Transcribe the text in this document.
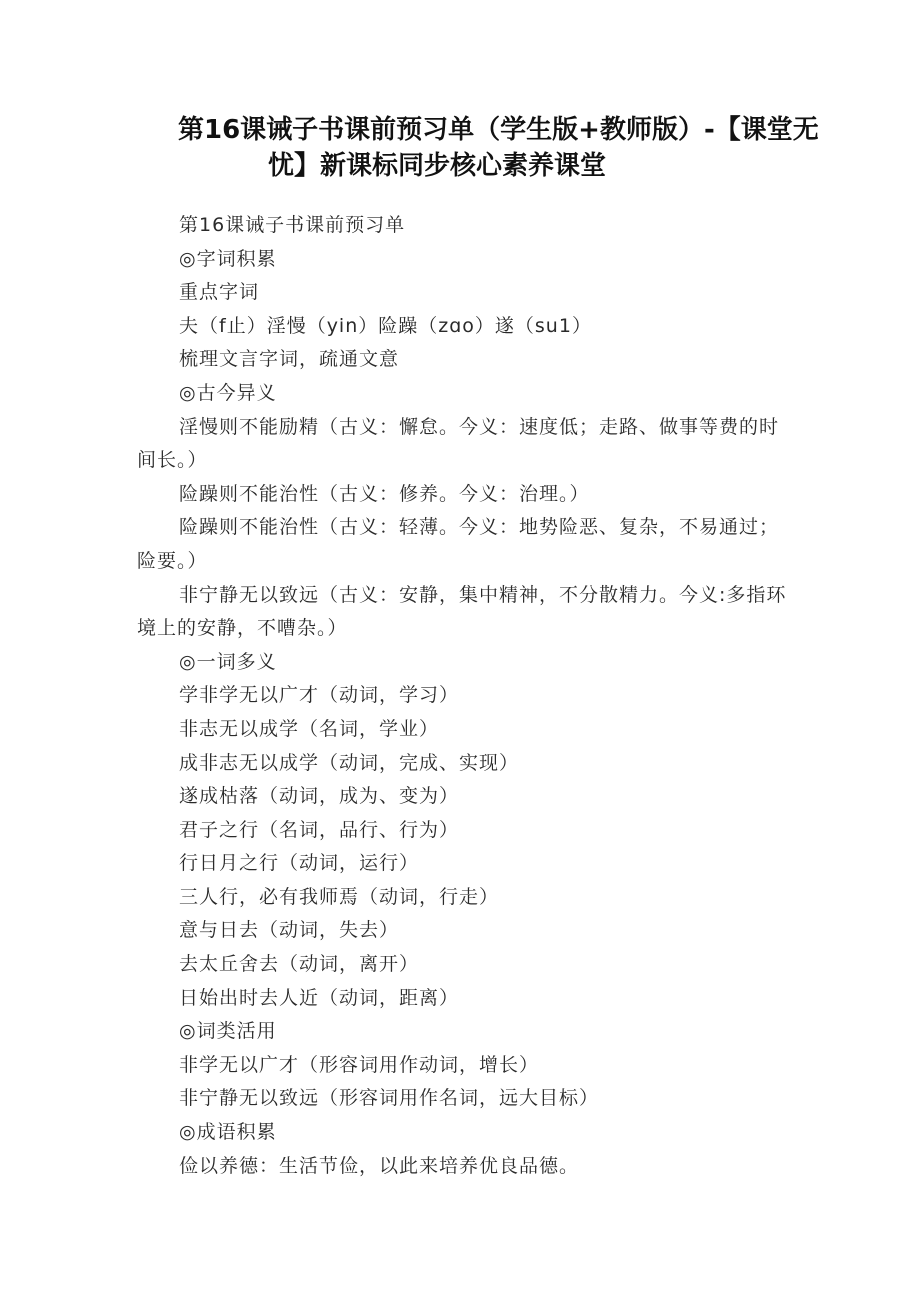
第16课诫子书课前预习单（学生版+教师版）-【课堂无
忧】新课标同步核心素养课堂

第16课诫子书课前预习单

◎字词积累

重点字词

夫（f止）淫慢（yin）险躁（zɑo）遂（su1）

梳理文言字词，疏通文意

◎古今异义

淫慢则不能励精（古义：懈怠。今义：速度低；走路、做事等费的时间长。）

险躁则不能治性（古义：修养。今义：治理。）

险躁则不能治性（古义：轻薄。今义：地势险恶、复杂，不易通过；险要。）

非宁静无以致远（古义：安静，集中精神，不分散精力。今义:多指环境上的安静，不嘈杂。）

◎一词多义

学非学无以广才（动词，学习）

非志无以成学（名词，学业）

成非志无以成学（动词，完成、实现）

遂成枯落（动词，成为、变为）

君子之行（名词，品行、行为）

行日月之行（动词，运行）

三人行，必有我师焉（动词，行走）

意与日去（动词，失去）

去太丘舍去（动词，离开）

日始出时去人近（动词，距离）

◎词类活用

非学无以广才（形容词用作动词，增长）

非宁静无以致远（形容词用作名词，远大目标）

◎成语积累

俭以养德：生活节俭，以此来培养优良品德。
